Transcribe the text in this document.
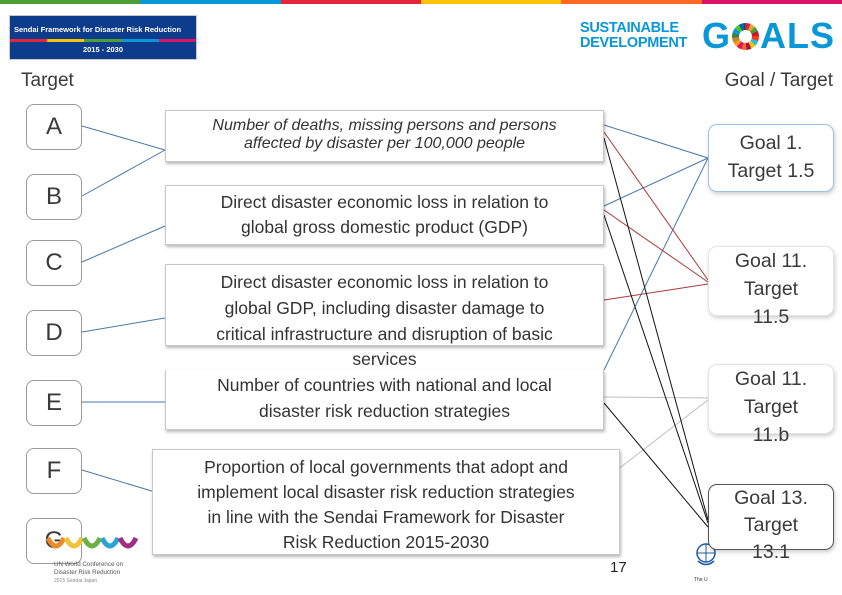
Sendai Framework for Disaster Risk Reduction
2015 - 2030
SUSTAINABLE
DEVELOPMENT G ALS
Target	Goal / Target
A
B
C
D
E
F
G
Number of deaths, missing persons and persons
affected by disaster per 100,000 people
Direct disaster economic loss in relation to
global gross domestic product (GDP)
Direct disaster economic loss in relation to
global GDP, including disaster damage to
critical infrastructure and disruption of basic
services
Number of countries with national and local
disaster risk reduction strategies
Proportion of local governments that adopt and
implement local disaster risk reduction strategies
in line with the Sendai Framework for Disaster
Risk Reduction 2015-2030
Goal 1.
Target 1.5
Goal 11.
Target
11.5
Goal 11.
Target
11.b
UN World Conference on
Disaster Risk Reduction
2015 Sendai Japan	The U
Goal 13.
Target
13.1
17
